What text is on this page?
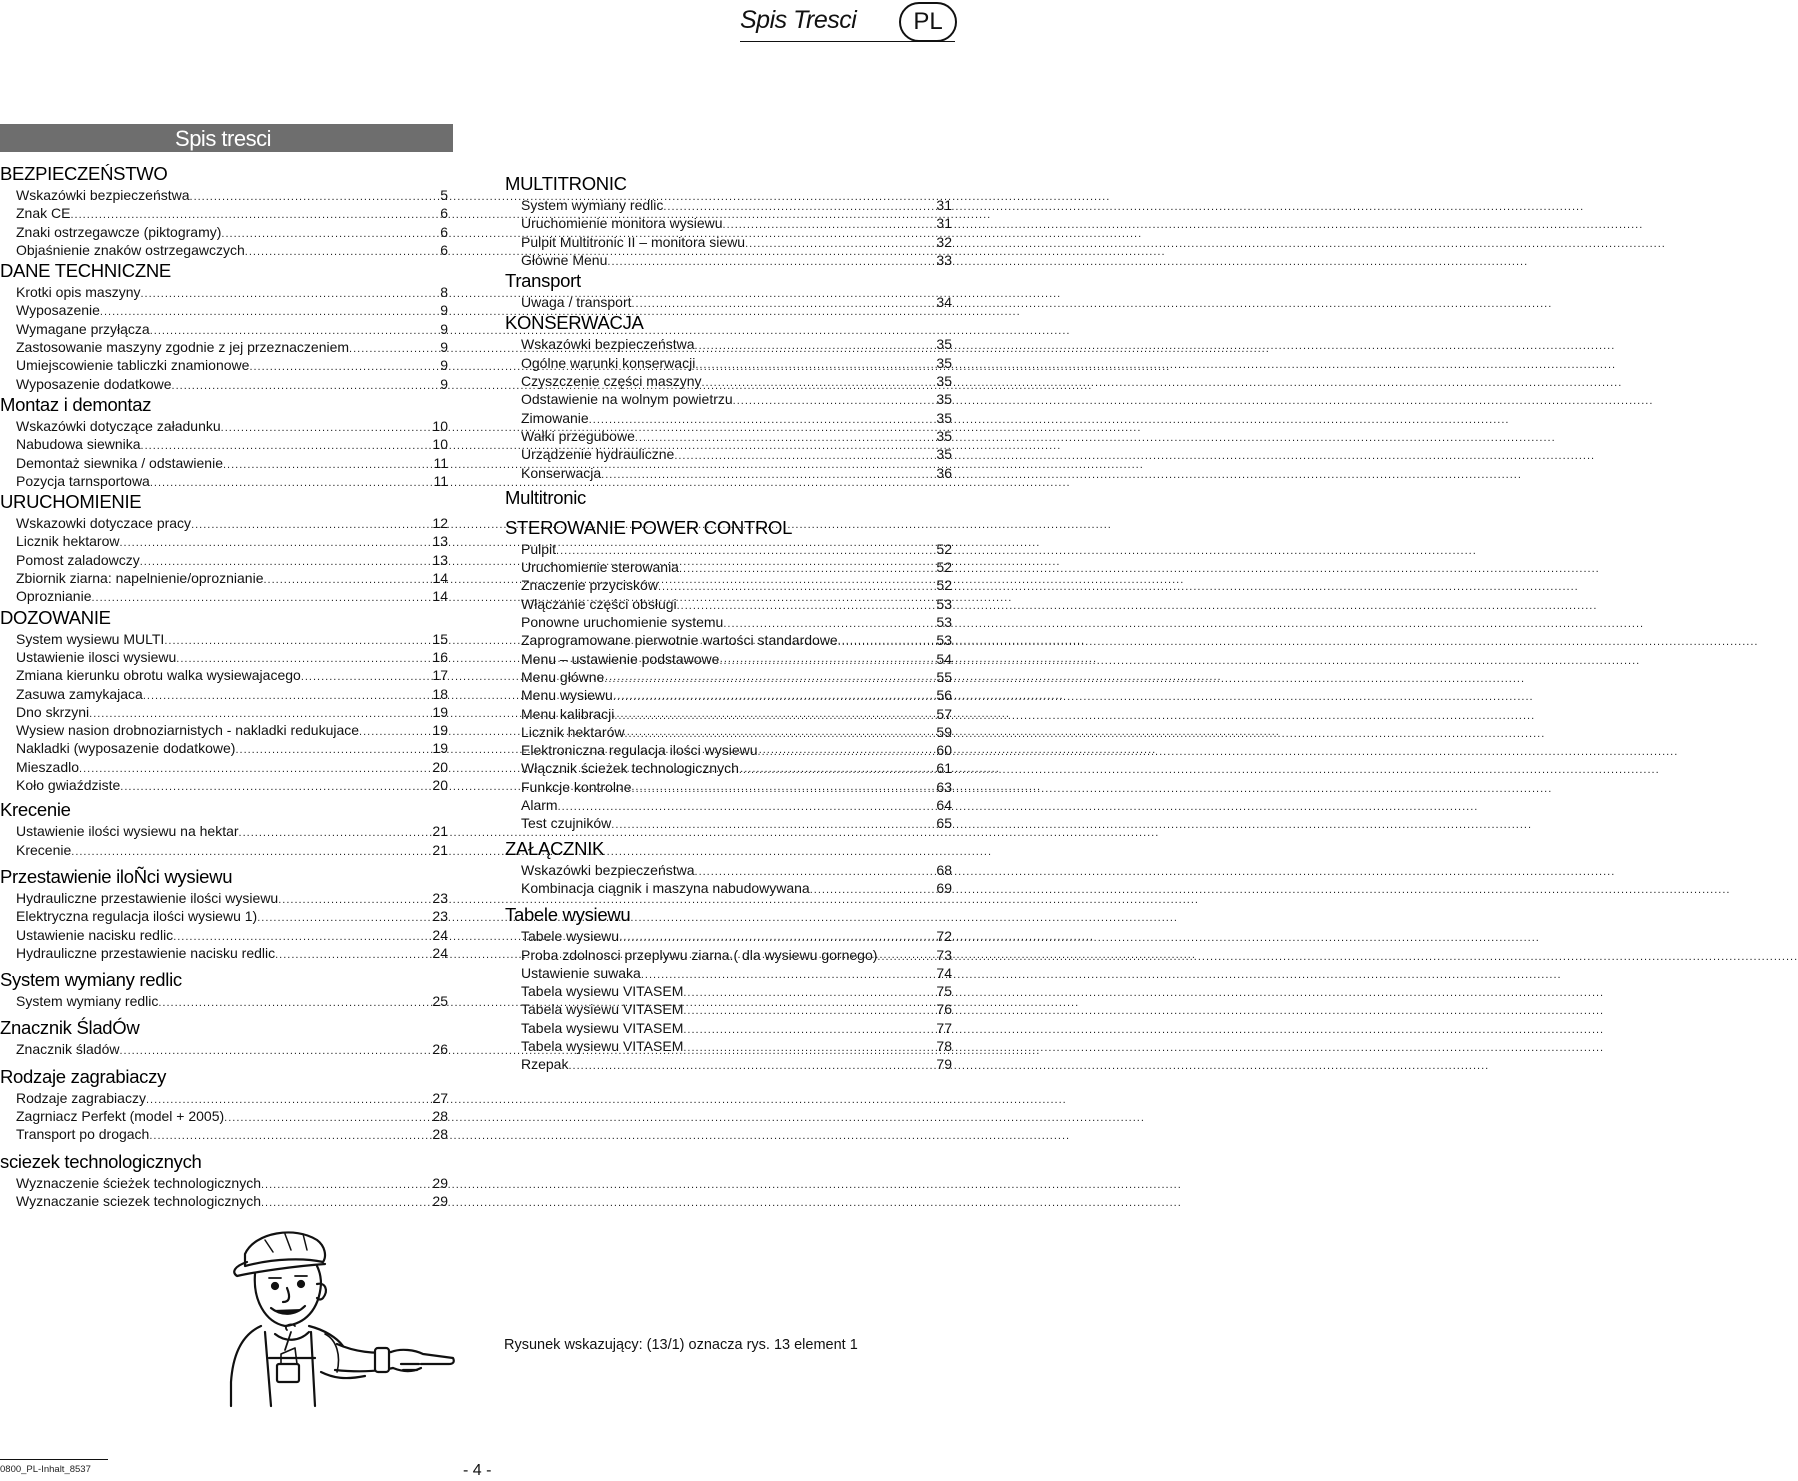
Spis Tresci	PL
Spis tresci
BEZPIECZEŃSTWO
Wskazówki bezpieczeństwa .....	5
Znak CE .....	6
Znaki ostrzegawcze (piktogramy) .....	6
Objaśnienie znaków ostrzegawczych .....	6
DANE TECHNICZNE
Krotki opis maszyny .....	8
Wyposazenie .....	9
Wymagane przyłącza .....	9
Zastosowanie maszyny zgodnie z jej przeznaczeniem .....	9
Umiejscowienie tabliczki znamionowe .....	9
Wyposazenie dodatkowe .....	9
Montaz i demontaz
Wskazówki dotyczące załadunku .....	10
Nabudowa siewnika .....	10
Demontaż siewnika / odstawienie .....	11
Pozycja tarnsportowa .....	11
URUCHOMIENIE
Wskazowki dotyczace pracy .....	12
Licznik hektarow .....	13
Pomost zaladowczy .....	13
Zbiornik ziarna: napelnienie/oproznianie .....	14
Oproznianie .....	14
DOZOWANIE
System wysiewu MULTI .....	15
Ustawienie ilosci wysiewu .....	16
Zmiana kierunku obrotu walka wysiewajacego .....	17
Zasuwa zamykajaca .....	18
Dno skrzyni .....	19
Wysiew nasion drobnoziarnistych - nakladki redukujace .....	19
Nakladki (wyposazenie dodatkowe) .....	19
Mieszadlo .....	20
Koło gwiaździste .....	20
Krecenie
Ustawienie ilości wysiewu na hektar .....	21
Krecenie .....	21
Przestawienie iloÑci wysiewu
Hydrauliczne przestawienie ilości wysiewu .....	23
Elektryczna regulacja ilości wysiewu 1) .....	23
Ustawienie nacisku redlic .....	24
Hydrauliczne przestawienie nacisku redlic .....	24
System wymiany redlic
System wymiany redlic .....	25
Znacznik ŚladÓw
Znacznik śladów .....	26
Rodzaje zagrabiaczy
Rodzaje zagrabiaczy .....	27
Zagrniacz Perfekt (model + 2005) .....	28
Transport po drogach .....	28
sciezek technologicznych
Wyznaczenie ścieżek technologicznych .....	29
Wyznaczanie sciezek technologicznych .....	29
MULTITRONIC
System wymiany redlic .....	31
Uruchomienie monitora wysiewu .....	31
Pulpit Multitronic II – monitora siewu .....	32
Główne Menu .....	33
Transport
Uwaga / transport .....	34
KONSERWACJA
Wskazówki bezpieczeństwa .....	35
Ogólne warunki konserwacji .....	35
Czyszczenie części maszyny .....	35
Odstawienie na wolnym powietrzu .....	35
Zimowanie .....	35
Wałki przegubowe .....	35
Urządzenie hydrauliczne .....	35
Konserwacja .....	36
Multitronic
STEROWANIE POWER CONTROL
Pulpit .....	52
Uruchomienie sterowania .....	52
Znaczenie przycisków .....	52
Włączanie części obsługi .....	53
Ponowne uruchomienie systemu .....	53
Zaprogramowane pierwotnie wartości standardowe .....	53
Menu – ustawienie podstawowe .....	54
Menu główne .....	55
Menu wysiewu .....	56
Menu kalibracji .....	57
Licznik hektarów .....	59
Elektroniczna regulacja ilości wysiewu .....	60
Włącznik ścieżek technologicznych .....	61
Funkcje kontrolne .....	63
Alarm .....	64
Test czujników .....	65
ZAŁĄCZNIK
Wskazówki bezpieczeństwa .....	68
Kombinacja ciągnik i maszyna nabudowywana .....	69
Tabele wysiewu
Tabele wysiewu .....	72
Proba zdolnosci przeplywu ziarna.( dla wysiewu gornego) .....	73
Ustawienie suwaka .....	74
Tabela wysiewu VITASEM .....	75
Tabela wysiewu VITASEM .....	76
Tabela wysiewu VITASEM .....	77
Tabela wysiewu VITASEM .....	78
Rzepak .....	79
Rysunek wskazujący: (13/1) oznacza rys. 13 element 1
0800_PL-Inhalt_8537	- 4 -
